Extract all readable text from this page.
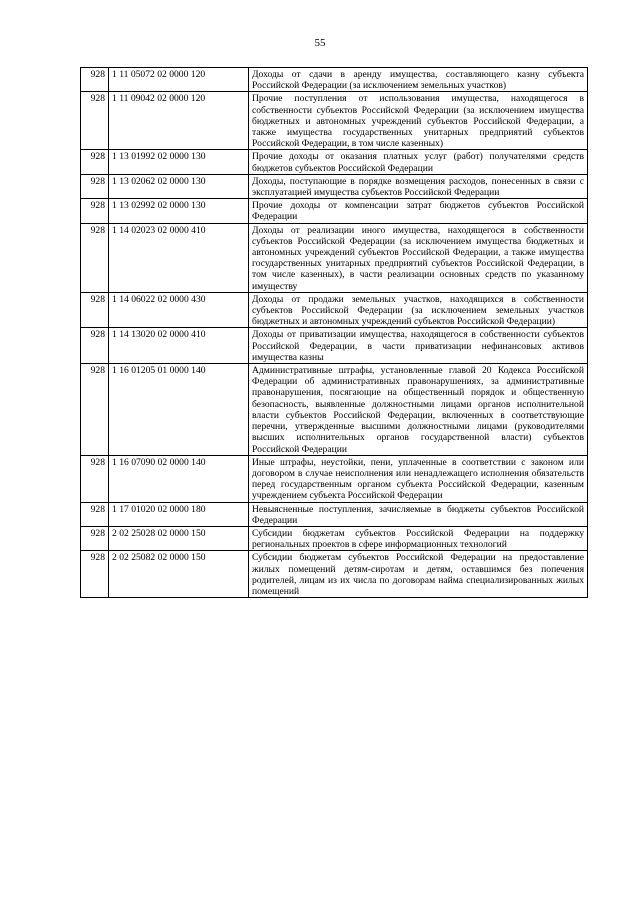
55
928	1 11 05072 02 0000 120	Доходы от сдачи в аренду имущества, составляющего казну субъекта Российской Федерации (за исключением земельных участков)
928	1 11 09042 02 0000 120	Прочие поступления от использования имущества, находящегося в собственности субъектов Российской Федерации (за исключением имущества бюджетных и автономных учреждений субъектов Российской Федерации, а также имущества государственных унитарных предприятий субъектов Российской Федерации, в том числе казенных)
928	1 13 01992 02 0000 130	Прочие доходы от оказания платных услуг (работ) получателями средств бюджетов субъектов Российской Федерации
928	1 13 02062 02 0000 130	Доходы, поступающие в порядке возмещения расходов, понесенных в связи с эксплуатацией имущества субъектов Российской Федерации
928	1 13 02992 02 0000 130	Прочие доходы от компенсации затрат бюджетов субъектов Российской Федерации
928	1 14 02023 02 0000 410	Доходы от реализации иного имущества, находящегося в собственности субъектов Российской Федерации (за исключением имущества бюджетных и автономных учреждений субъектов Российской Федерации, а также имущества государственных унитарных предприятий субъектов Российской Федерации, в том числе казенных), в части реализации основных средств по указанному имуществу
928	1 14 06022 02 0000 430	Доходы от продажи земельных участков, находящихся в собственности субъектов Российской Федерации (за исключением земельных участков бюджетных и автономных учреждений субъектов Российской Федерации)
928	1 14 13020 02 0000 410	Доходы от приватизации имущества, находящегося в собственности субъектов Российской Федерации, в части приватизации нефинансовых активов имущества казны
928	1 16 01205 01 0000 140	Административные штрафы, установленные главой 20 Кодекса Российской Федерации об административных правонарушениях, за административные правонарушения, посягающие на общественный порядок и общественную безопасность, выявленные должностными лицами органов исполнительной власти субъектов Российской Федерации, включенных в соответствующие перечни, утвержденные высшими должностными лицами (руководителями высших исполнительных органов государственной власти) субъектов Российской Федерации
928	1 16 07090 02 0000 140	Иные штрафы, неустойки, пени, уплаченные в соответствии с законом или договором в случае неисполнения или ненадлежащего исполнения обязательств перед государственным органом субъекта Российской Федерации, казенным учреждением субъекта Российской Федерации
928	1 17 01020 02 0000 180	Невыясненные поступления, зачисляемые в бюджеты субъектов Российской Федерации
928	2 02 25028 02 0000 150	Субсидии бюджетам субъектов Российской Федерации на поддержку региональных проектов в сфере информационных технологий
928	2 02 25082 02 0000 150	Субсидии бюджетам субъектов Российской Федерации на предоставление жилых помещений детям-сиротам и детям, оставшимся без попечения родителей, лицам из их числа по договорам найма специализированных жилых помещений
